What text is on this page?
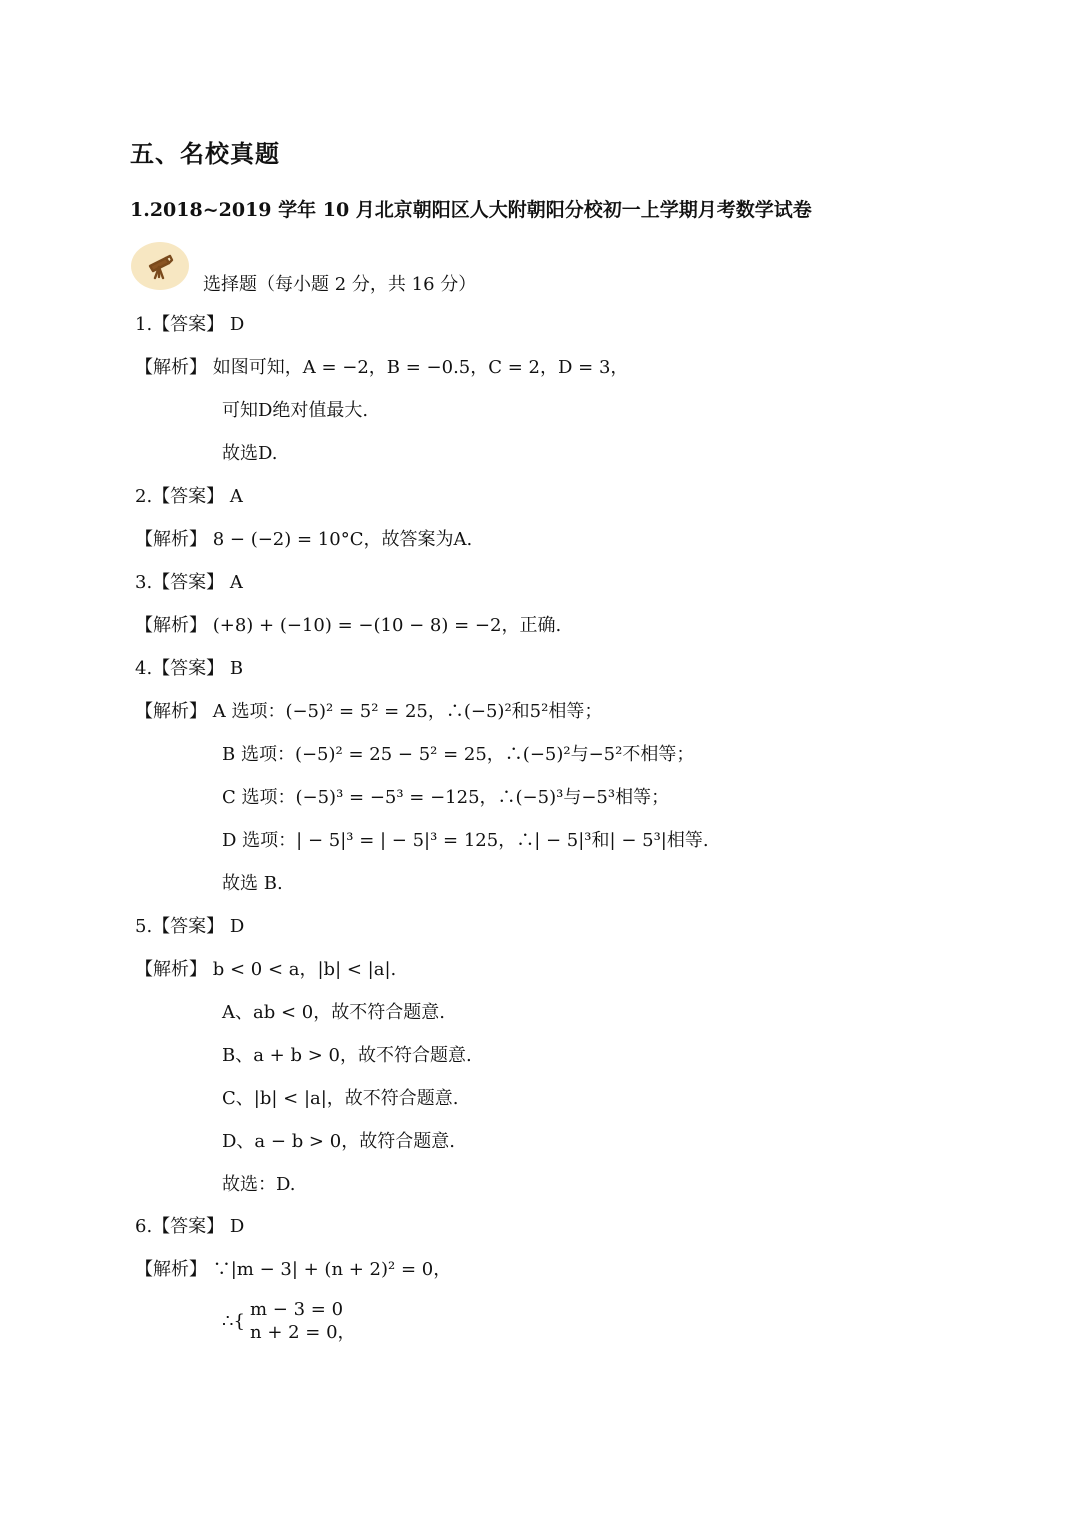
五、名校真题
1.2018~2019 学年 10 月北京朝阳区人大附朝阳分校初一上学期月考数学试卷
选择题（每小题 2 分，共 16 分）
1.【答案】 D
【解析】 如图可知，A = −2，B = −0.5，C = 2，D = 3，
可知D绝对值最大.
故选D.
2.【答案】 A
【解析】 8 − (−2) = 10°C，故答案为A.
3.【答案】 A
【解析】 (+8) + (−10) = −(10 − 8) = −2，正确.
4.【答案】 B
【解析】 A 选项：(−5)² = 5² = 25，∴(−5)²和5²相等；
B 选项：(−5)² = 25 − 5² = 25，∴(−5)²与−5²不相等；
C 选项：(−5)³ = −5³ = −125，∴(−5)³与−5³相等；
D 选项：| − 5|³ = | − 5|³ = 125，∴| − 5|³和| − 5³|相等.
故选 B.
5.【答案】 D
【解析】 b < 0 < a，|b| < |a|.
A、ab < 0，故不符合题意.
B、a + b > 0，故不符合题意.
C、|b| < |a|，故不符合题意.
D、a − b > 0，故符合题意.
故选：D.
6.【答案】 D
【解析】 ∵|m − 3| + (n + 2)² = 0，
∴{
m − 3 = 0
n + 2 = 0，
